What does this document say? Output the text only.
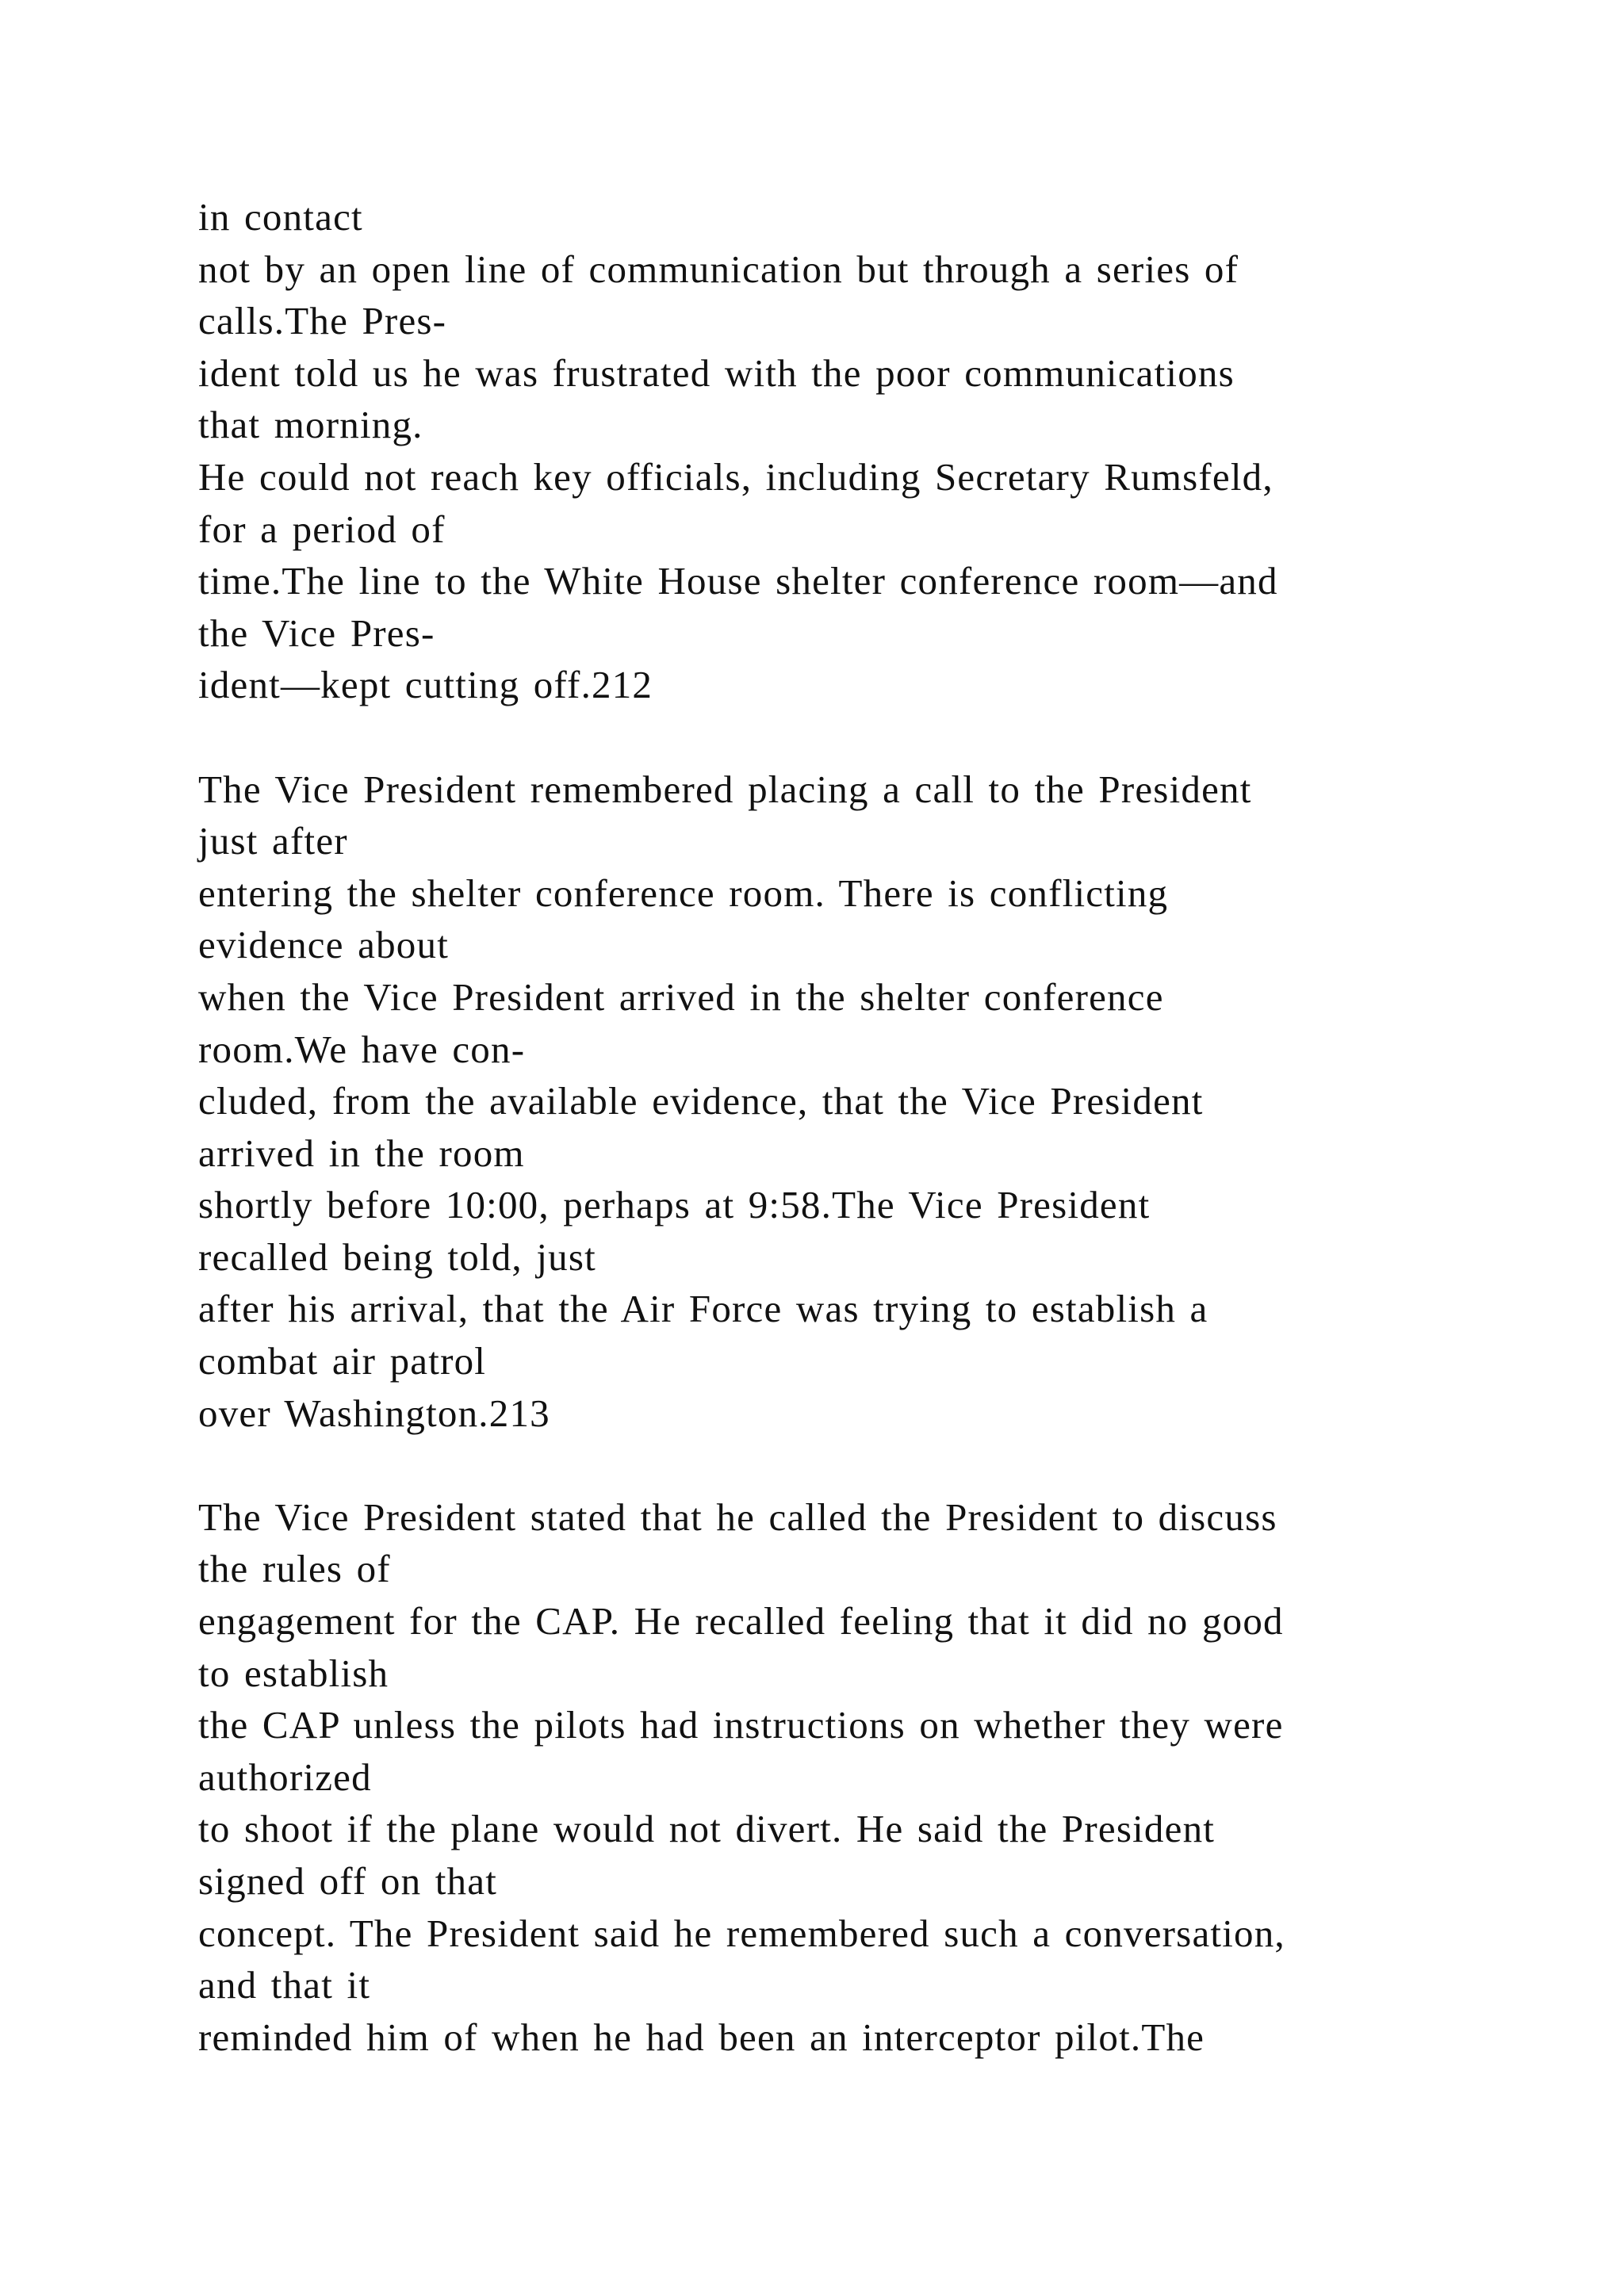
in contact
not by an open line of communication but through a series of
calls.The Pres-
ident told us he was frustrated with the poor communications
that morning.
He could not reach key officials, including Secretary Rumsfeld,
for a period of
time.The line to the White House shelter conference room—and
the Vice Pres-
ident—kept cutting off.212
The Vice President remembered placing a call to the President
just after
entering the shelter conference room. There is conflicting
evidence about
when the Vice President arrived in the shelter conference
room.We have con-
cluded, from the available evidence, that the Vice President
arrived in the room
shortly before 10:00, perhaps at 9:58.The Vice President
recalled being told, just
after his arrival, that the Air Force was trying to establish a
combat air patrol
over Washington.213
The Vice President stated that he called the President to discuss
the rules of
engagement for the CAP. He recalled feeling that it did no good
to establish
the CAP unless the pilots had instructions on whether they were
authorized
to shoot if the plane would not divert. He said the President
signed off on that
concept. The President said he remembered such a conversation,
and that it
reminded him of when he had been an interceptor pilot.The
